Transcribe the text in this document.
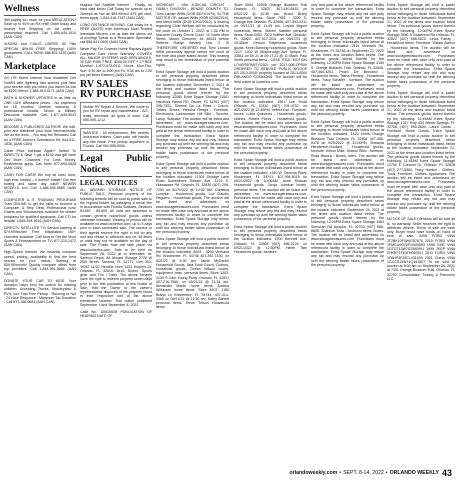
Wellness
Still paying too much for your MEDICATION? Save up to 90% on RX refill! Order today and receive free Shipping on 1st order - prescription required. Call 1-855-645-1910 (AAN CAN)
VIAGRA and CIALIS USERS! 50 Pills SPECIAL $99.00 FREE Shipping! 100% guaranteed. CALL NOW! 888-531-1192 (AAN CAN)
Marketplace
4G LTE Home Internet Now Available! Get GotW3 with lightning fast speeds plus take your service with you when you travel! As low as $109.99/mo! 1-888-519-0171 (AAN CAN)
BATH & SHOWER UPDATES in as little as ONE DAY! Affordable prices - No payments for 18 months! Lifetime warranty & professional installs. Senior & Military Discounts available. Call: 1-877-649-5043 (AAN CAN)
BECOME A PUBLISHED AUTHOR! We edit, print and distribute your work internationally. We do the work... You reap the Rewards! Call for a FREE Author's Submission Kit: 844-511-1836. (AAN CAN)
Cable Price Increase Again? Switch To DIRECTV & Save + get a $100 visa gift card! Get More Channels For Less Money. Restrictions apply. Call Now! 877-693-0625 (AAN CAN)
CASH FOR CARS! We buy all cars! Junk, high-end, totaled – it doesn't matter! Get free towing and same day cash! NEWER MODELS too! Call 1-866-535-9689 (AAN CAN)
COMPUTER & IT TRAINING PROGRAM! Train ONLINE to get the skills to become a Computer & Help Desk Professional now! Grants and Scholarships available for certain programs for qualified applicants. Call CTI for details! 1-855-554-4616 (AAN CAN)
DIRECTV SATELLITE TV! Service starting at $74.99/month! Free Installation! 160+ channels available. Call Now to Get the Most Sports & Entertainment on TV! 877-310-2472 (AAN CAN)
High-Speed Internet. We instantly compare speed, pricing, availability to find the best service for your needs. Starting at $39.99/month! Quickly compare offers from top providers. Call 1-844-961-0666 (AAN CAN)
DONATE YOUR CAR TO KIDS. Your donation helps fund the search for missing children. Accepting Trucks, Motorcycles & RV's, too! Fast Free Pickup - Running or Not - 24 Hour Response - Maximum Tax Donation - Call 877-266-0681 (AAN CAN)
Hughes Net Satellite Internet - Finally, no hard data limits! Call Today for speeds up to 25mbps as low as $59.99/mo! $75 gift card, terms apply. 1-844-416-7147 (AAN CAN)
LONG DISTANCE MOVING: Call today for a FREE QUOTE from America's Most Trusted Interstate Movers. Let us take the stress out of moving! Speak to a Relocation Specialist, call 888-841-0629 (AAN CAN)
Never Pay For Covered Home Repairs Again! Complete Care Home Warranty COVERS ALL MAJOR SYSTEMS AND APPLIANCES. 30 DAY RISK FREE. $200.00 OFF + 2 FREE Months! 1-877-673-0511 Hours Mon-Thu, Sun: 9:30 am to 8:00 pm Fri: 9:30 am to 2:00 pm (all times Eastern) (AAN CAN)
RV SALES
RV PURCHASE
Mobile RV Repair & Service. We come to you for RV repair and maintenance - A/C, leaks, electrical, all types of work. Call 555-555-1212.
WANTED - All motorhomes, fifth wheels and travel trailers. Cash paid, will handle any title issue. Free pickup anywhere in Florida. Call 904-555-0000.
Legal Public Notices
LEGAL NOTICES
ALL ABOARD STORAGE NOTICE OF PUBLIC SALE: Personal property of the following tenants will be sold at public sale to the highest bidder for satisfying a rental lien in accordance with Florida Statutes, Sections 83.801 - 83.809. All units are assumed to contain general household goods unless otherwise indicated. Viewing of photos will be available on www.lockerfox.com, up to 5 days prior to each scheduled sale. The owners or their agents reserve the right to bid on any unit and refuse to withdraw any lot. All items or units may not be available on the day of sale. The Public Sale will take place via www.lockerfox.com. Sale to be held on September 26, 2022 at or thereafter, at: Sanford Depot, All Aboard Storage 2720 W 25th Street, Sanford, FL 32771: Unit 303-Yf052 11/32 Hendrix Hunt 1033 Dolphin Dr, Orlando, FL 32810: 5x10: Boxes, Sports gear, and TVs / Totes. The above Tenants have the right to redeem property seven days prior to the first publication of this Notice of Sale, that the Owner or the owner's representative disposed of the property found in their respective unit at the above mentioned location. This notice published September 1 and September 8, 2022.
Case No. 1000250/B PUBLICATION OF HEARING DATE OF
MICHIGAN - 19th JUDICIAL CIRCUIT - FAMILY DIVISION - BENZIE COUNTY, TO: Tomi Lamarr Willis (DOB 05/21/1979), IN THE MATTER OF: daylah Willis (DOB 02/08/2019), and Merci Willis (DOB 12/02/2010). A hearing regarding Child Welfare will be conducted by the court on October 1, 2022, at 1:30 PM in Macomb County Circuit Court, 10 North Main Street, Mount Clemens, MI 48043 before Referee Roslyn Beverly Lea. IT IS THEREFORE ORDERED that Tomi Lamarr Willis personally appear before the court at the time and place stated above. This hearing may result in the termination of your parental rights.
Extra Space Storage will hold a public auction to sell personal property described below belonging to those individuals listed below at the location indicated: December 2, 2021 at the times and location listed below. The personal goods stored therein by the following: 12950 Extra Space Storage 11501 Hardrock Farms RD, Ocoee, FL 34761 (407) 298-7331. Sharine De La Rosa - Couch, Tables, Boxes. Yenisha Ortega - Furniture, Electronics, Lawnmower Hill Silla - Scooter, Lamp, Suitcase. The auction will be listed and advertised on www.storagetreasures.com. Purchases must be made with cash only and paid at the above referenced facility in order to complete the transaction. Extra Space Storage may refuse any bid and may rescind any purchase up until the winning bid and may rescind any purchase up until the winning bidder takes possession of the personal property.
Extra Space Storage will hold a public auction to sell personal property described below belonging to those individuals listed below at the location indicated: 11301 Storage Lane Road Somewhere Stream Ave, 1215 S. Hiawassee Rd, Orlando, FL 32835 (407) 298-7253 on 9/17/2022 @ 10:30 AM. Christina Lumpkin - Household goods. Luz Claudio Reguero - Household goods. The auction will be listed and advertised on www.storagetreasures.com. Purchases must be made with cash only and paid at the above referenced facility in order to complete the transaction. Extra Space Storage may refuse any bid and may rescind any purchase up until the winning bidder takes possession of the personal property.
Extra Space Storage will hold a public auction to sell personal property described below belonging to those individuals listed below at the location indicated: 8003 - 3200 Vineland Rd. Kissimmee, FL 34746 407-392-7430, on 9/21/22 @ 9:30 am. Jamie McDaniel Household Goods, Tara Scott Couch, Clothes, household goods, Dorian Wilson boxes, equipment, misc. personal items. Store 1203: 3103 S John Young Pkwy, Orlando, FL 32837 407-216-7565, on 09/21/22 @ 11:15 am. Alexander Martin home items, Andrea Wilkinson home items. Store 8107: 1150 Brand Ln Kissimmee, FL 34744, 407-414-9365 on 09/21/22 @ 11:30 am, Kathy Barrett personal items, Kevin Tolson Household items.
Store 0084: 10905 Orange Blossom Trail Orlando, FL 32837, 407-440-8453 on 09/21/22 @ 10:30 am. Bruce Bracy Household items. Store 7551 : 3200 S. Orange Ave Orlando, FL 32806, 407-392-2311 on 09/17/21 @ 11:45 am, Loyola Miguel household items, Steven Saddler personal items. Store 0061: 7373 Hoffner Ave, Orlando, FL 32822, 407-917-2011 on 09/17/21 @ 10:30am. Gerson Raymundo household goods. Kevin Banning household goods. Store 1217: 1002 W Hillsborough Ave Tampa, FL 33611 on 09 21 at 09:17:21 @ 11:45am. Paul Smith personal items - CASE TITLE: MOTION LOVERSPANTY/2021 per 2017-006-CPR09 ORDERED TO REBUILD PUBLIC NOTICE AS 2013-0000: property located at 2013-0000 ORLANDO COMMONS. The Auction will be held online at lockerfox.com.
Extra Space Storage will hold a public auction to sell personal property described below belonging to those individuals listed below at the location indicated: 1501 Lee Road Orlando, FL 32810 (407) 704-4792, on 9/21/2022 @ 12:30PM. Yefimo Gal - Furniture, boxes. Luisa Quinones - Household goods, clothes. Robert Flores - Household goods. The auction will be listed and advertised on www.storagetreasures.com. Purchases must be made with cash only and paid at the above referenced facility in order to complete the transaction. Extra Space Storage may refuse any bid and may rescind any purchase up until the winning bidder takes possession of the personal property.
Extra Space Storage will hold a public auction to sell personal property described below belonging to those individuals listed below at the location indicated: 1340 W. Osceola Pkwy, Kissimmee, FL 34741, 407-994-6018 on 09/21/2022 @ 10:00AM. Anne Rusnak Household goods. Tonya Johnson boxes, personal items. The auction will be listed and advertised on www.storagetreasures.com. Purchases must be made with cash only and paid at the above referenced facility in order to complete the transaction. Extra Space Storage may refuse any bid and may rescind any purchase up until the winning bidder takes possession of the personal property.
Extra Space Storage will hold a public auction to sell personal property described below belonging to those individuals listed below at the location indicated: 1700 Bennett Ave, Orlando, FL 32803 (407) 896-2120, on 09/21/2022 @ 12:30PM. Helen Tate Household goods, furniture.
only and paid at the above referenced facility in order to complete the transaction. Extra Space Storage may refuse any bid and may rescind any purchase up until the winning bidder takes possession of the personal property.
Extra Space Storage will hold a public auction to sell personal property described below belonging to those individuals listed below at the location indicated: 2515 Vineland Rd, Kissimmee, FL 34746 on September 21, 2022 at the times and location listed below. The personal goods stored therein by the following: 12:00PM Extra Space Storage 3150 S. Orange Blossom Trail, Orlando, FL 32805, 407-484-3201. Pedro De Bernanci - Household Items, Tasha Fleming - Household items, Tracy Schaller - furniture. The auction will be listed and advertised on www.storagetreasures.com. Purchases must be made with cash only and paid at the above referenced facility in order to complete the transaction. Extra Space Storage may refuse any bid and may rescind any purchase up until the winning bidder takes possession of the personal property.
Extra Space Storage will hold a public auction to sell personal property described below belonging to those individuals listed below at the location indicated: 1420 North Orange Blossom Trail Orlando FL 32804 407-480-0178 on 9/20/2022 @ 12:00PM. Shawnta Henderson-Hoskins - Household goods, furniture. Kelton Mike, Sharon Rilev - furniture, Rosa Blanca - Boxes, totes. The auction will be listed and advertised on www.storagetreasures.com. Purchases must be made with cash only and paid at the above referenced facility in order to complete the transaction. Extra Space Storage may refuse any bid and may rescind any purchase up until the winning bidder takes possession of the personal property.
Extra Space Storage will hold a public auction to sell personal property described below belonging to those individuals listed below at the location indicated: September 24, 2021 at the times and location listed below. The personal goods stored therein by the following: 12:00PM Extra Space Storage 1463 Semoran Rd Apopka, FL 32703 (407) 886-8800. Shannon Toda - bedroom items, boxes. The auction will be listed and advertised on www.storagetreasures.com. Purchases must be made with cash only and paid at the above referenced facility in order to complete the transaction. Extra Space Storage may refuse any bid and may rescind any purchase up until the winning bidder takes possession of the personal property.
Extra Space Storage will hold a public auction to sell personal property described below belonging to those individuals listed below at the location indicated: September 21, 2022 at the times and location listed below. The personal goods stored therein by the following: 12:00PM Extra Space Storage 3550 S Goldenrod Rd Orlando, FL 32822 (407) 658-9020. Linda Fandy - Household Items, Furniture. Wiliam Aldrich - Household Items. The auction will be listed and advertised on www.storagetreasures.com. Purchases must be made with cash only and paid at the above referenced facility in order to complete the transaction. Extra Space Storage may refuse any bid and may rescind any purchase up until the winning bidder takes possession of the personal property.
Extra Space Storage will hold a public auction to sell personal property described below belonging to those individuals listed below at the location indicated: September 21, 2022 at the times and location listed below. The personal goods stored therein by the following: 11:45AM Extra Space Storage 1317 Hwy 434 Winter Springs, FL 32708 (407) 699-0800. Laura Duran - Furniture. Home Goods: Extra Space Storage will hold a public auction to sell personal property described below belonging to those individuals listed below at the location indicated: September 21, 2022 at the times and location listed below. The personal goods stored therein by the following: 11:45AM Extra Space Storage 12750 E Colonial Dr, Orlando, FL 32826 (407) 277-6350. Tracy Hardee - Clothes, Tools, Furniture, Clothes, Appliances. The auction will be listed and advertised on www.storagetreasures.com. Purchases must be made with cash only and paid at the above referenced facility in order to complete the transaction. Extra Space Storage may refuse any bid and may rescind any purchase up until the winning bidder takes possession of the personal property.
NOTICE OF SALE (Vehicles will be sold as is, no warranty. Seller reserves the right to withdraw vehicle. Terms of sale are cash only. Buyer must have funds on hand at time of sale. 2005 FORD VIN# JT2BK10F4W0157670 2015 FORD VIN# 1FMCU0G70FUA00583 1995 GMC VIN# 1GTDT13W7S2560991 1999 JEEP VIN# 2HKRF1F84TH010521 2011 FORD VIN# 1FAHP3F28CL431095 2001 Chevy VIN# 1GCCS14W71Q161507 To be sold at auction at 8:00 am on September 26, 2021 at 7301 Orange Blossom Trail, Orlando, FL 32792 Consolidation Towing & Recovery LLC
orlandoweekly.com • SEPT. 8-14, 2022 • ORLANDO WEEKLY 43
